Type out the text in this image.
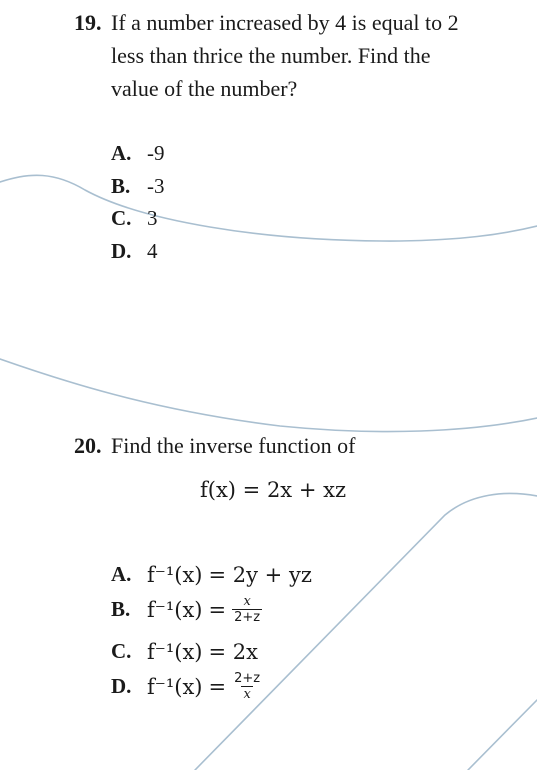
19. If a number increased by 4 is equal to 2
less than thrice the number. Find the
value of the number?
A. -9
B. -3
C. 3
D. 4
20. Find the inverse function of
f(x) = 2x + xz
A. f⁻¹(x) = 2y + yz
B. $f^{-1}(x) = \frac{x}{2+z}$
C. f⁻¹(x) = 2x
D. $f^{-1}(x) = \frac{2+z}{x}$
